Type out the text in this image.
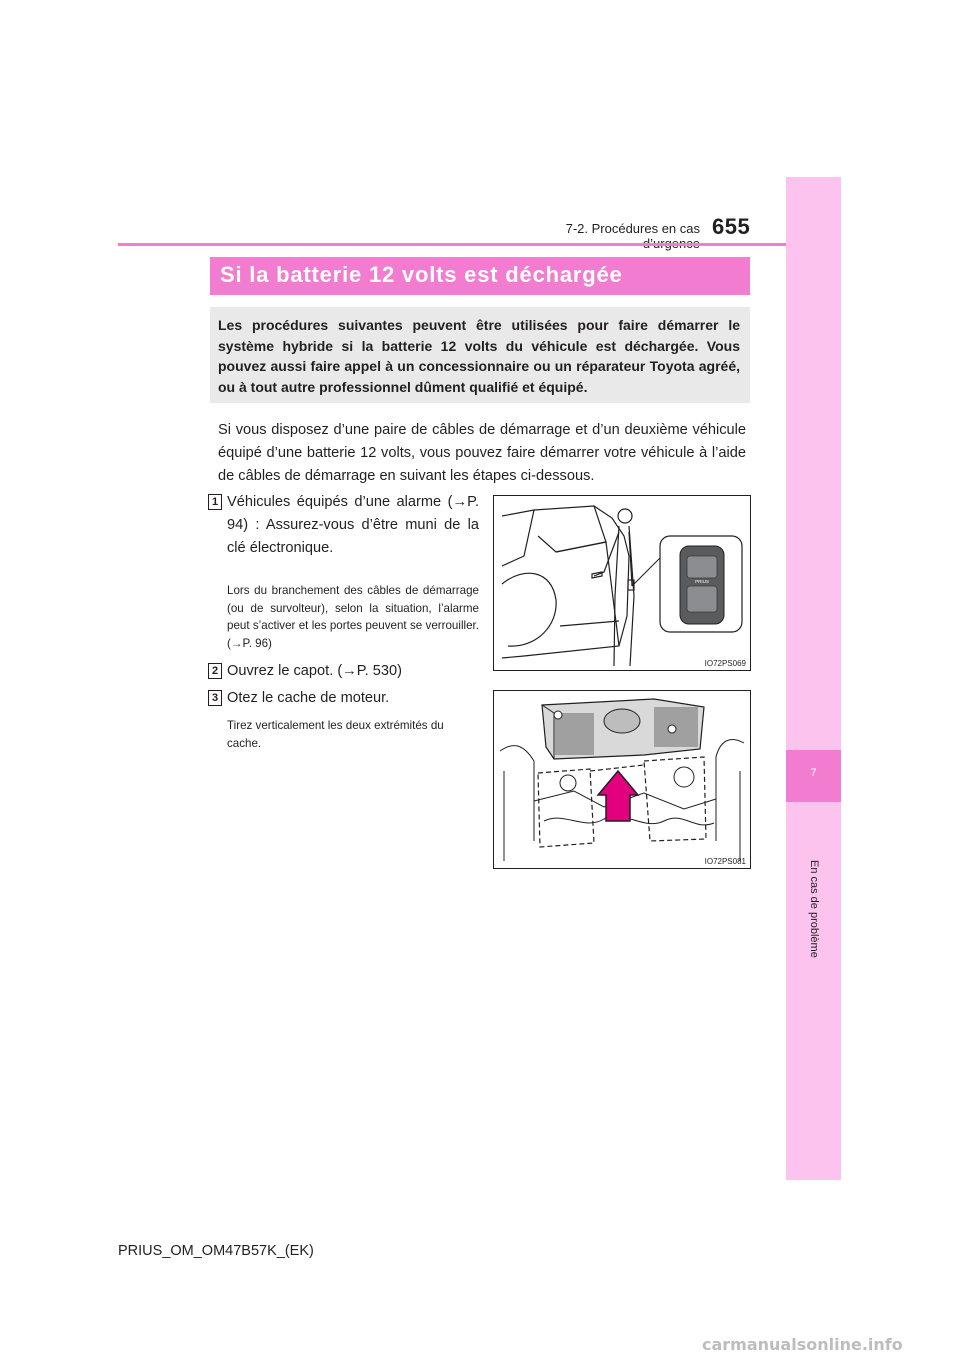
7-2. Procédures en cas 655
7
En cas de problème
Si la batterie 12 volts est déchargée
Les procédures suivantes peuvent être utilisées pour faire démarrer le système hybride si la batterie 12 volts du véhicule est déchargée. Vous pouvez aussi faire appel à un concessionnaire ou un réparateur Toyota agréé, ou à tout autre professionnel dûment qualifié et équipé.
Si vous disposez d’une paire de câbles de démarrage et d’un deuxième véhicule équipé d’une batterie 12 volts, vous pouvez faire démarrer votre véhicule à l’aide de câbles de démarrage en suivant les étapes ci-dessous.
1 Véhicules équipés d’une alarme (→P. 94) : Assurez-vous d’être muni de la clé électronique.
Lors du branchement des câbles de démarrage (ou de survolteur), selon la situation, l’alarme peut s’activer et les portes peuvent se verrouiller. (→P. 96)
2 Ouvrez le capot. (→P. 530)
3 Otez le cache de moteur.
Tirez verticalement les deux extrémités du cache.
PRIUS
IO72PS069
IO72PS081
PRIUS_OM_OM47B57K_(EK)
carmanualsonline.info
